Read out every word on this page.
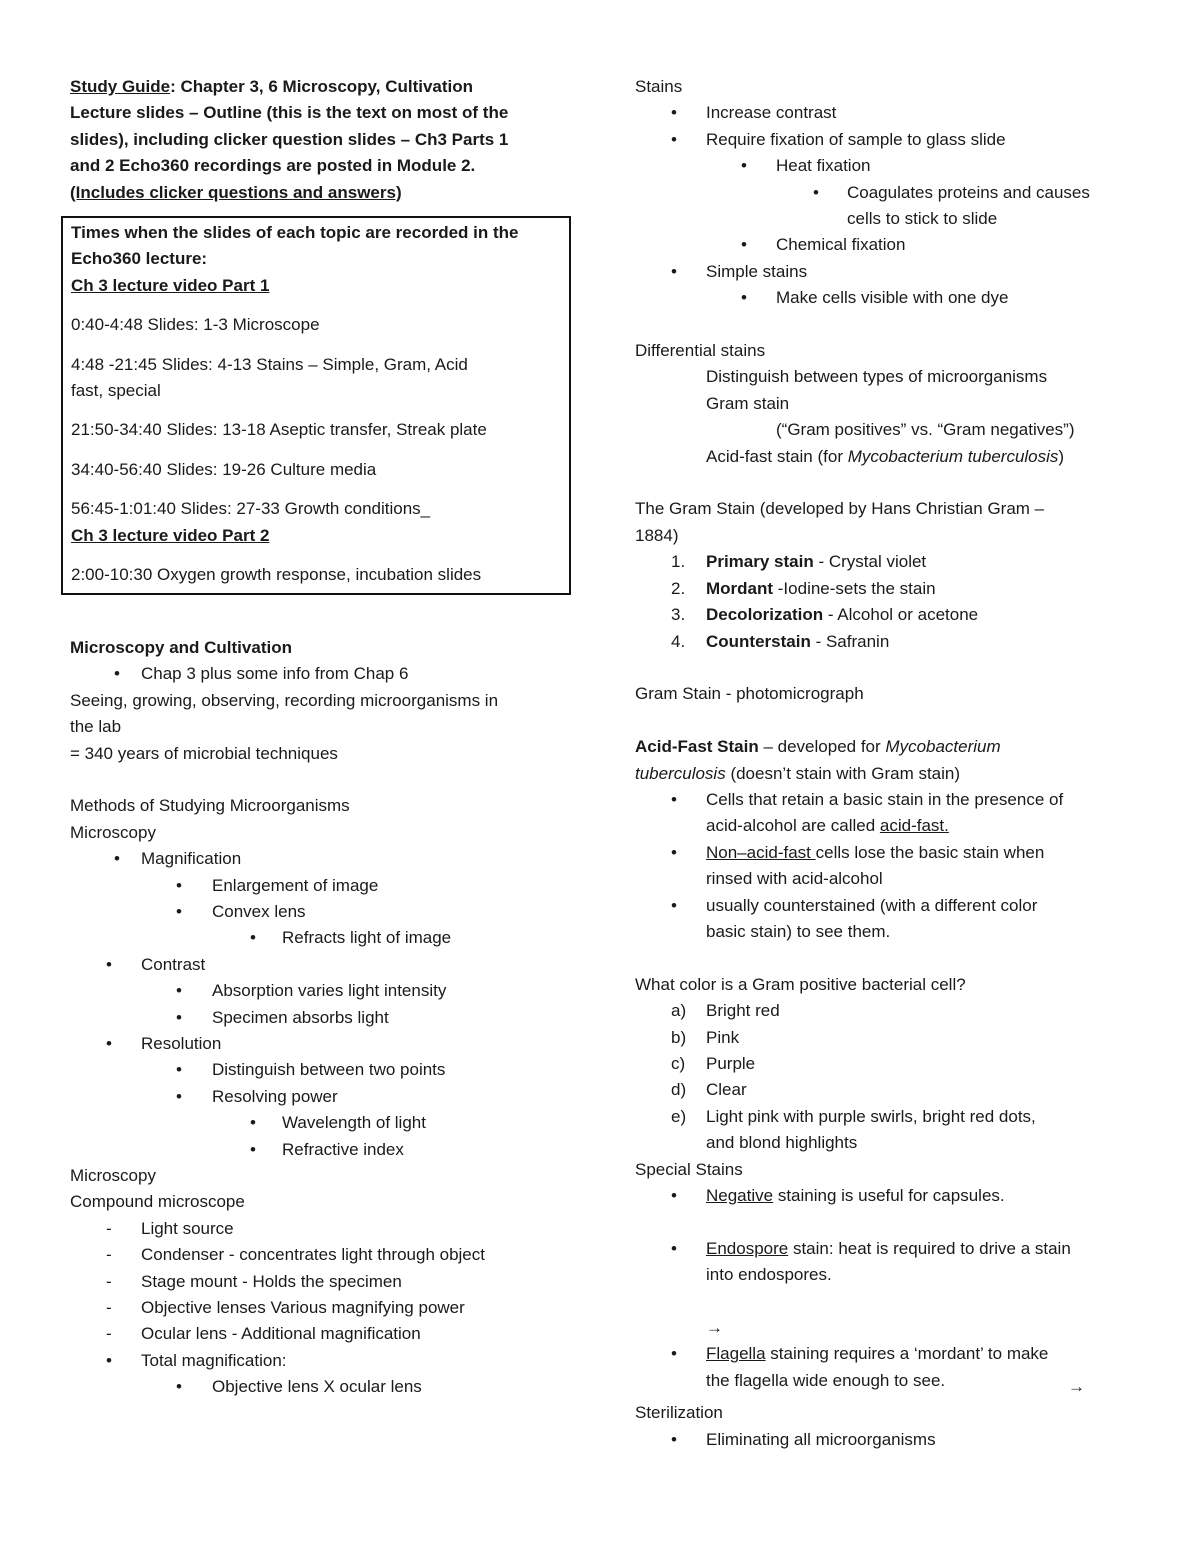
Study Guide: Chapter 3, 6 Microscopy, Cultivation
Lecture slides – Outline (this is the text on most of the
slides), including clicker question slides – Ch3 Parts 1
and 2 Echo360 recordings are posted in Module 2.
(Includes clicker questions and answers)
Times when the slides of each topic are recorded in the
Echo360 lecture:
Ch 3 lecture video Part 1
0:40-4:48 Slides: 1-3 Microscope
4:48 -21:45 Slides: 4-13 Stains – Simple, Gram, Acid
fast, special
21:50-34:40 Slides: 13-18 Aseptic transfer, Streak plate
34:40-56:40 Slides: 19-26 Culture media
56:45-1:01:40 Slides: 27-33 Growth conditions_
Ch 3 lecture video Part 2
2:00-10:30 Oxygen growth response, incubation slides
Microscopy and Cultivation
• Chap 3 plus some info from Chap 6
Seeing, growing, observing, recording microorganisms in
the lab
= 340 years of microbial techniques
Methods of Studying Microorganisms
Microscopy
• Magnification
• Enlargement of image
• Convex lens
• Refracts light of image
• Contrast
• Absorption varies light intensity
• Specimen absorbs light
• Resolution
• Distinguish between two points
• Resolving power
• Wavelength of light
• Refractive index
Microscopy
Compound microscope
- Light source
- Condenser - concentrates light through object
- Stage mount - Holds the specimen
- Objective lenses Various magnifying power
- Ocular lens - Additional magnification
• Total magnification:
• Objective lens X ocular lens
Stains
• Increase contrast
• Require fixation of sample to glass slide
• Heat fixation
• Coagulates proteins and causes
cells to stick to slide
• Chemical fixation
• Simple stains
• Make cells visible with one dye
Differential stains
Distinguish between types of microorganisms
Gram stain
(“Gram positives” vs. “Gram negatives”)
Acid-fast stain (for Mycobacterium tuberculosis)
The Gram Stain (developed by Hans Christian Gram –
1884)
1. Primary stain - Crystal violet
2. Mordant -Iodine-sets the stain
3. Decolorization - Alcohol or acetone
4. Counterstain - Safranin
Gram Stain - photomicrograph
Acid-Fast Stain – developed for Mycobacterium
tuberculosis (doesn’t stain with Gram stain)
• Cells that retain a basic stain in the presence of
acid-alcohol are called acid-fast.
• Non–acid-fast cells lose the basic stain when
rinsed with acid-alcohol
• usually counterstained (with a different color
basic stain) to see them.
What color is a Gram positive bacterial cell?
a) Bright red
b) Pink
c) Purple
d) Clear
e) Light pink with purple swirls, bright red dots,
and blond highlights
Special Stains
• Negative staining is useful for capsules.
• Endospore stain: heat is required to drive a stain
into endospores.
→
• Flagella staining requires a ‘mordant’ to make
the flagella wide enough to see.	→
Sterilization
• Eliminating all microorganisms
